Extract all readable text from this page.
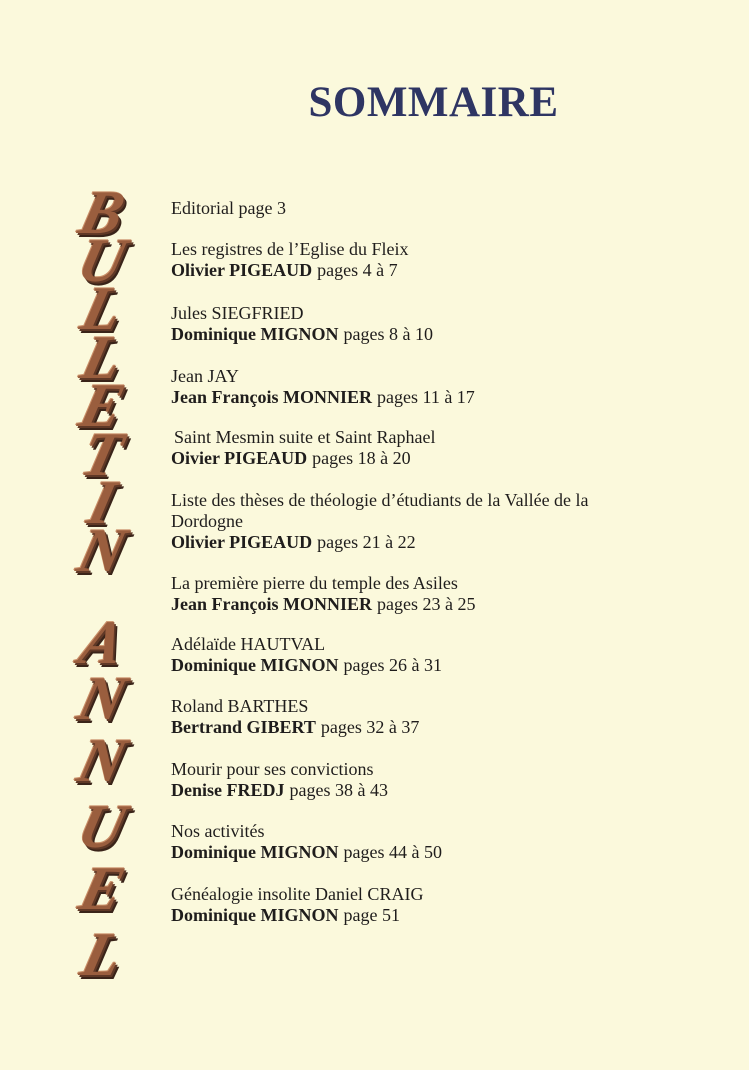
SOMMAIRE
B
U
L
L
E
T
I
N
A
N
N
U
E
L
Editorial page 3
Les registres de l’Eglise du Fleix
Olivier PIGEAUD pages 4 à 7
Jules SIEGFRIED
Dominique MIGNON pages 8 à 10
Jean JAY
Jean François MONNIER pages 11 à 17
Saint Mesmin suite et Saint Raphael
Oivier PIGEAUD pages 18 à 20
Liste des thèses de théologie d’étudiants de la Vallée de la Dordogne
Olivier PIGEAUD pages 21 à 22
La première pierre du temple des Asiles
Jean François MONNIER pages 23 à 25
Adélaïde HAUTVAL
Dominique MIGNON pages 26 à 31
Roland BARTHES
Bertrand GIBERT pages 32 à 37
Mourir pour ses convictions
Denise FREDJ pages 38 à 43
Nos activités
Dominique MIGNON pages 44 à 50
Généalogie insolite Daniel CRAIG
Dominique MIGNON page 51
